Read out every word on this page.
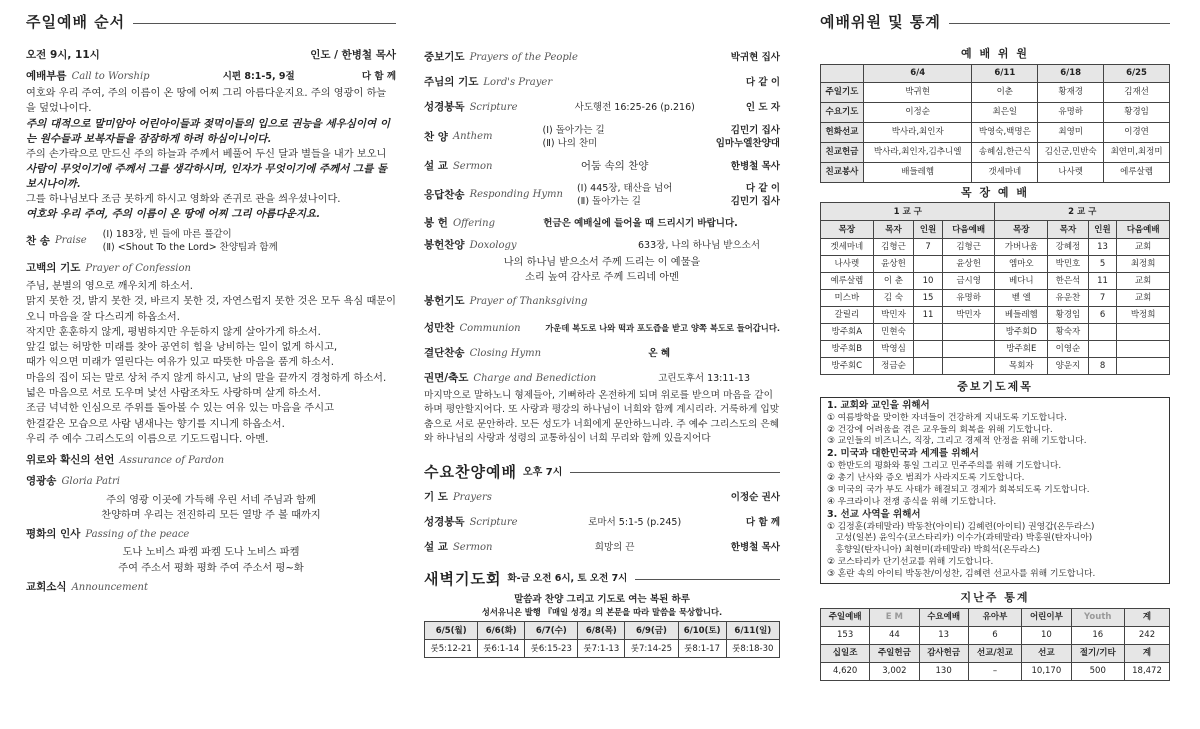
주일예배 순서
오전 9시, 11시	인도 / 한병철 목사
예배부름 Call to Worship	시편 8:1-5, 9절	다 함 께
여호와 우리 주여, 주의 이름이 온 땅에 어찌 그리 아름다운지요. 주의 영광이 하늘을 덮었나이다.
주의 대적으로 말미암아 어린아이들과 젖먹이들의 입으로 권능을 세우심이여 이는 원수들과 보복자들을 잠잠하게 하려 하심이니이다.
주의 손가락으로 만드신 주의 하늘과 주께서 베풀어 두신 달과 별들을 내가 보오니
사람이 무엇이기에 주께서 그를 생각하시며, 인자가 무엇이기에 주께서 그를 돌보시나이까.
그를 하나님보다 조금 못하게 하시고 영화와 존귀로 관을 씌우셨나이다.
여호와 우리 주여, 주의 이름이 온 땅에 어찌 그리 아름다운지요.
찬 송 Praise
(Ⅰ) 183장, 빈 들에 마른 풀같이
(Ⅱ) <Shout To the Lord> 찬양팀과 함께
고백의 기도 Prayer of Confession
주님, 분별의 영으로 깨우치게 하소서.
맑지 못한 것, 밝지 못한 것, 바르지 못한 것, 자연스럽지 못한 것은 모두 욕심 때문이오니 마음을 잘 다스리게 하옵소서.
작지만 훈훈하지 않게, 평범하지만 우둔하지 않게 살아가게 하소서.
앞길 없는 허망한 미래를 찾아 공연히 힘을 낭비하는 일이 없게 하시고,
때가 익으면 미래가 열린다는 여유가 있고 따뜻한 마음을 품게 하소서.
마음의 집이 되는 말로 상처 주지 않게 하시고, 남의 말을 끝까지 경청하게 하소서.
넓은 마음으로 서로 도우며 낯선 사람조차도 사랑하며 살게 하소서.
조금 넉넉한 인심으로 주위를 돌아볼 수 있는 여유 있는 마음을 주시고
한결같은 모습으로 사람 냄새나는 향기를 지니게 하옵소서.
우리 주 예수 그리스도의 이름으로 기도드립니다. 아멘.
위로와 확신의 선언 Assurance of Pardon
영광송 Gloria Patri
주의 영광 이곳에 가득해 우린 서네 주님과 함께
찬양하며 우리는 전진하리 모든 열방 주 볼 때까지
평화의 인사 Passing of the peace
도나 노비스 파켐 파켐 도나 노비스 파켐
주여 주소서 평화 평화 주여 주소서 평~화
교회소식 Announcement
중보기도 Prayers of the People	박귀현 집사
주님의 기도 Lord's Prayer	다 같 이
성경봉독 Scripture	사도행전 16:25-26 (p.216)	인 도 자
찬 양 Anthem
(Ⅰ) 돌아가는 길
(Ⅱ) 나의 찬미
김민기 집사
임마누엘찬양대
설 교 Sermon	어둠 속의 찬양	한병철 목사
응답찬송 Responding Hymn
(Ⅰ) 445장, 태산을 넘어
(Ⅱ) 돌아가는 길
다 같 이
김민기 집사
봉 헌 Offering	헌금은 예배실에 들어올 때 드리시기 바랍니다.
봉헌찬양 Doxology	633장, 나의 하나님 받으소서
나의 하나님 받으소서 주께 드리는 이 예물을
소리 높여 감사로 주께 드리네 아멘
봉헌기도 Prayer of Thanksgiving
성만찬 Communion	가운데 복도로 나와 떡과 포도즙을 받고 양쪽 복도로 들어갑니다.
결단찬송 Closing Hymn	온 혜
권면/축도 Charge and Benediction	고린도후서 13:11-13
마지막으로 말하노니 형제들아, 기뻐하라 온전하게 되며 위로를 받으며 마음을 같이하며 평안할지어다. 또 사랑과 평강의 하나님이 너희와 함께 계시리라. 거룩하게 입맞춤으로 서로 문안하라. 모든 성도가 너희에게 문안하느니라. 주 예수 그리스도의 은혜와 하나님의 사랑과 성령의 교통하심이 너희 무리와 함께 있을지어다
수요찬양예배 오후 7시
기 도 Prayers	이정순 권사
성경봉독 Scripture	로마서 5:1-5 (p.245)	다 함 께
설 교 Sermon	희망의 끈	한병철 목사
새벽기도회 화-금 오전 6시, 토 오전 7시
말씀과 찬양 그리고 기도로 여는 복된 하루
성서유니온 발행 『매일 성경』의 본문을 따라 말씀을 묵상합니다.
6/5(월)	6/6(화)	6/7(수)	6/8(목)	6/9(금)	6/10(토)	6/11(일)
룻5:12-21	룻6:1-14	룻6:15-23	룻7:1-13	룻7:14-25	룻8:1-17	룻8:18-30
예배위원 및 통계
예 배 위 원
	6/4	6/11	6/18	6/25
주일기도	박귀현	이춘	황재경	김재선
수요기도	이정순	최은일	유명하	황경임
헌화선교	박사라,최인자	박영숙,백명은	최영미	이경연
친교헌금	박사라,최인자,김추니엘	송혜심,한근식	김신군,민반숙	최연미,최정미
친교봉사	배들레헴	갯세마네	나사렛	에루살렘
목 장 예 배
1 교 구				2 교 구			
목장	목자	인원	다음예배	목장	목자	인원	다음예배
겟세마네	김형근	7	김형근	가버나움	강혜정	13	교회
나사렛	윤상헌		윤상헌	엠마오	박민호	5	최정희
예루살렘	이 춘	10	금시영	베다니	한은석	11	교회
미스바	김 숙	15	유명하	벧 엘	유운찬	7	교회
갈릴리	박민자	11	박민자	베들레헴	황경임	6	박정희
방주회A	민현숙			방주회D	황숙자		
방주회B	박영심			방주회E	이영순		
방주회C	정금순			목회자	양운지	8	
중보기도제목
1. 교회와 교인을 위해서
① 여름방학을 맞이한 자녀들이 건강하게 지내도록 기도합니다.
② 건강에 어려움을 겪은 교우들의 회복을 위해 기도합니다.
③ 교인들의 비즈니스, 직장, 그리고 경제적 안정을 위해 기도합니다.
2. 미국과 대한민국과 세계를 위해서
① 한반도의 평화와 통일 그리고 민주주의를 위해 기도합니다.
② 총기 난사와 증오 범죄가 사라지도록 기도합니다.
③ 미국의 국가 부도 사태가 해결되고 경제가 회복되도록 기도합니다.
④ 우크라이나 전쟁 종식을 위해 기도합니다.
3. 선교 사역을 위해서
① 김정훈(과테말라) 박동찬(아이티) 김혜련(아이티) 권영갑(온두라스)
고성(일본) 윤익수(코스타리카) 이수가(과테말라) 박홍원(탄자니아)
홍향일(탄자니아) 최현미(과테말라) 박희석(온두라스)
② 코스타리카 단기선교를 위해 기도합니다.
③ 혼란 속의 아이티 박동찬/이성찬, 김혜련 선교사를 위해 기도합니다.
지난주 통계
주일예배	E M	수요예배	유아부	어린이부	Youth	계
153	44	13	6	10	16	242
십일조	주일헌금	감사헌금	선교/친교	선교	절기/기타	계
4,620	3,002	130	–	10,170	500	18,472
